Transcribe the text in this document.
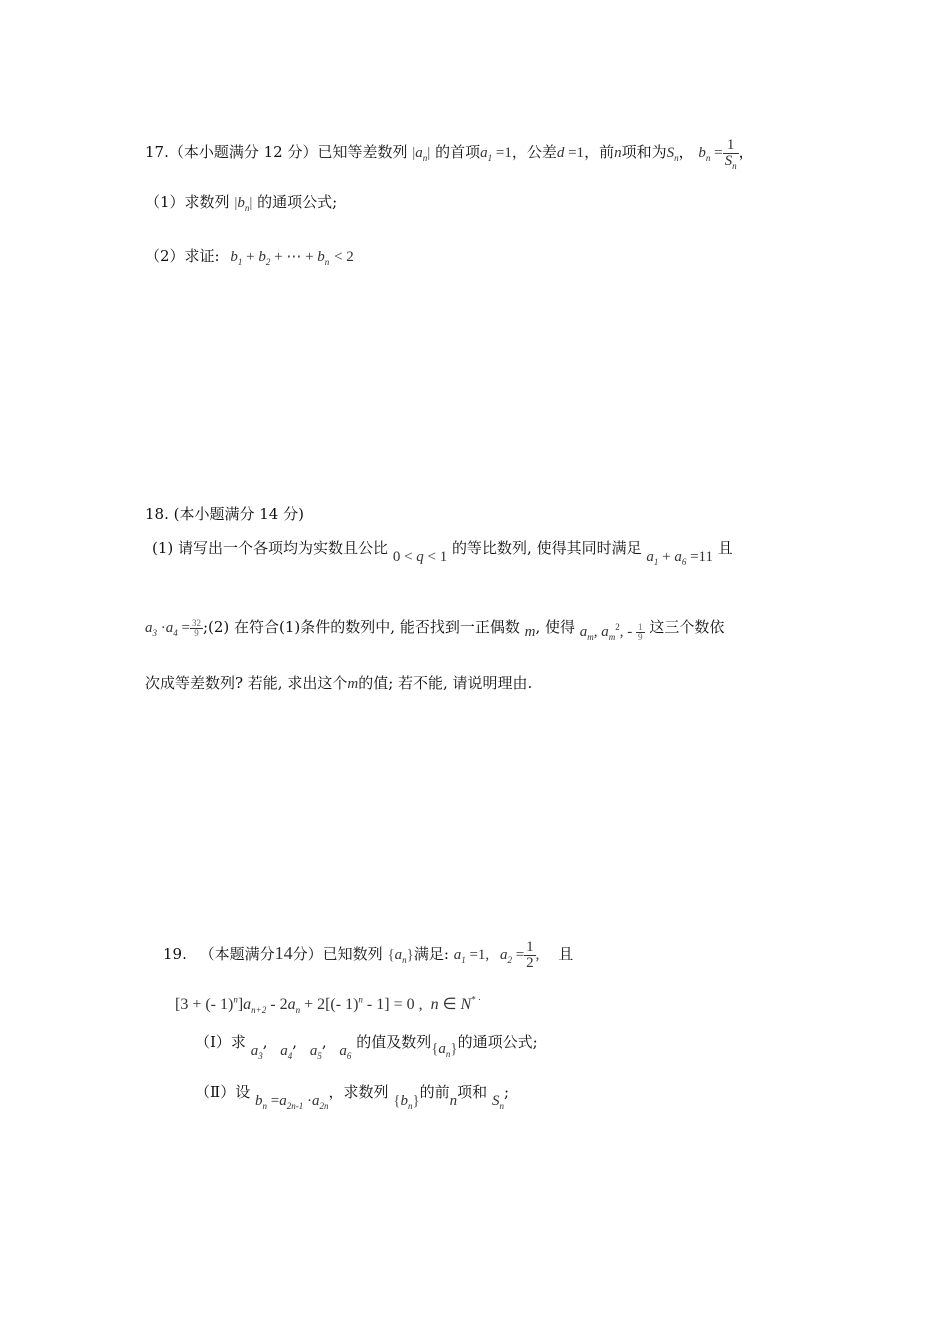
17.（本小题满分 12 分）已知等差数列 $|a_n|$ 的首项$a_1 =1$，公差d =1，前n项和为$S_n$， $b_n = \frac{1}{S_n}$ ，
（1）求数列 $|b_n|$ 的通项公式;
（2）求证: $b_1 + b_2$ + ⋯ + $b_n < 2$
18. (本小题满分 14 分)
(1) 请写出一个各项均为实数且公比 0 < q < 1 的等比数列, 使得其同时满足 $a_1 + a_6 =11$ 且
$a_3 \cdot a_4 = \frac{32}{9}$ ;(2) 在符合(1)条件的数列中, 能否找到一正偶数 m, 使得 $a_m$, $a_m^2$, - $\frac{1}{9}$ 这三个数依
次成等差数列? 若能, 求出这个m的值; 若不能, 请说明理由.
19. （本题满分14分）已知数列 $\{a_n\}$满足: $a_1 =1$, $a_2 = \frac{1}{2}$ , 且
[3 + (- $1)^n]a_{n+2} - 2a_n + 2[(-$ 1)$^n$ - 1] = 0 ,  n ∈ N* ·
（Ⅰ）求 $a_3$, $a_4$, $a_5$, $a_6$ 的值及数列$\{a_n\}$的通项公式;
（Ⅱ）设 $b_n =a_{2n-1} \cdot a_{2n}$，求数列 $\{b_n\}$的前n项和 $S_n$;
